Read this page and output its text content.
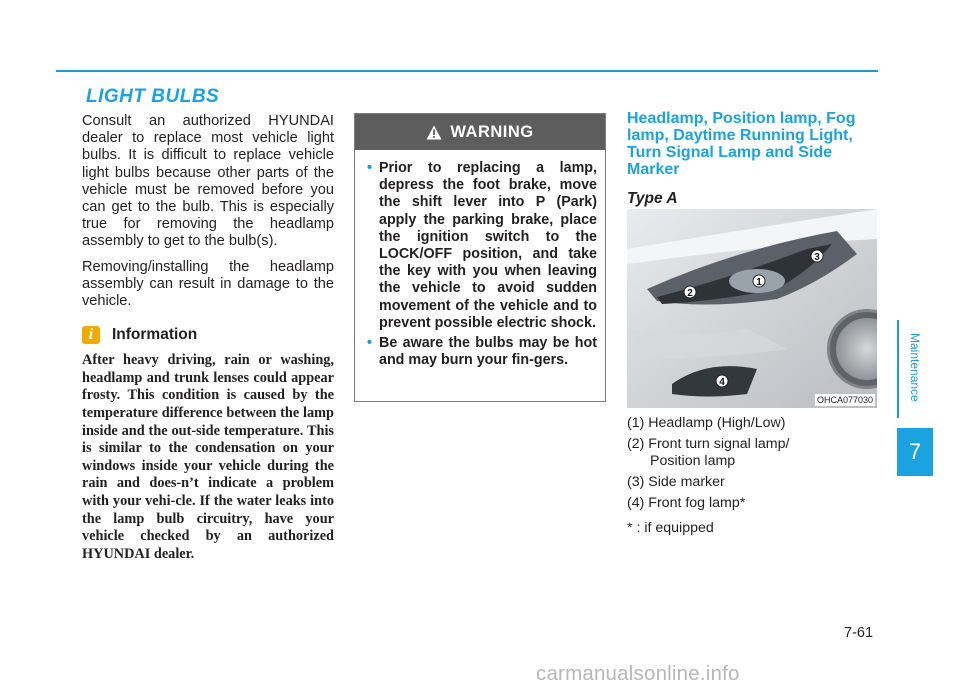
LIGHT BULBS

Consult an authorized HYUNDAI dealer to replace most vehicle light bulbs. It is difficult to replace vehicle light bulbs because other parts of the vehicle must be removed before you can get to the bulb. This is especially true for removing the headlamp assembly to get to the bulb(s).

Removing/installing the headlamp assembly can result in damage to the vehicle.

i	Information

After heavy driving, rain or washing, headlamp and trunk lenses could appear frosty. This condition is caused by the temperature difference between the lamp inside and the out-side temperature. This is similar to the condensation on your windows inside your vehicle during the rain and does-n’t indicate a problem with your vehi-cle. If the water leaks into the lamp bulb circuitry, have your vehicle checked by an authorized HYUNDAI dealer.

WARNING
• Prior to replacing a lamp, depress the foot brake, move the shift lever into P (Park) apply the parking brake, place the ignition switch to the LOCK/OFF position, and take the key with you when leaving the vehicle to avoid sudden movement of the vehicle and to prevent possible electric shock.
• Be aware the bulbs may be hot and may burn your fin-gers.

Headlamp, Position lamp, Fog lamp, Daytime Running Light, Turn Signal Lamp and Side Marker

Type A
1
2
3
4
OHCA077030
(1) Headlamp (High/Low)
(2) Front turn signal lamp/
Position lamp
(3) Side marker
(4) Front fog lamp*
* : if equipped
Maintenance
7
7-61
carmanualsonline.info
